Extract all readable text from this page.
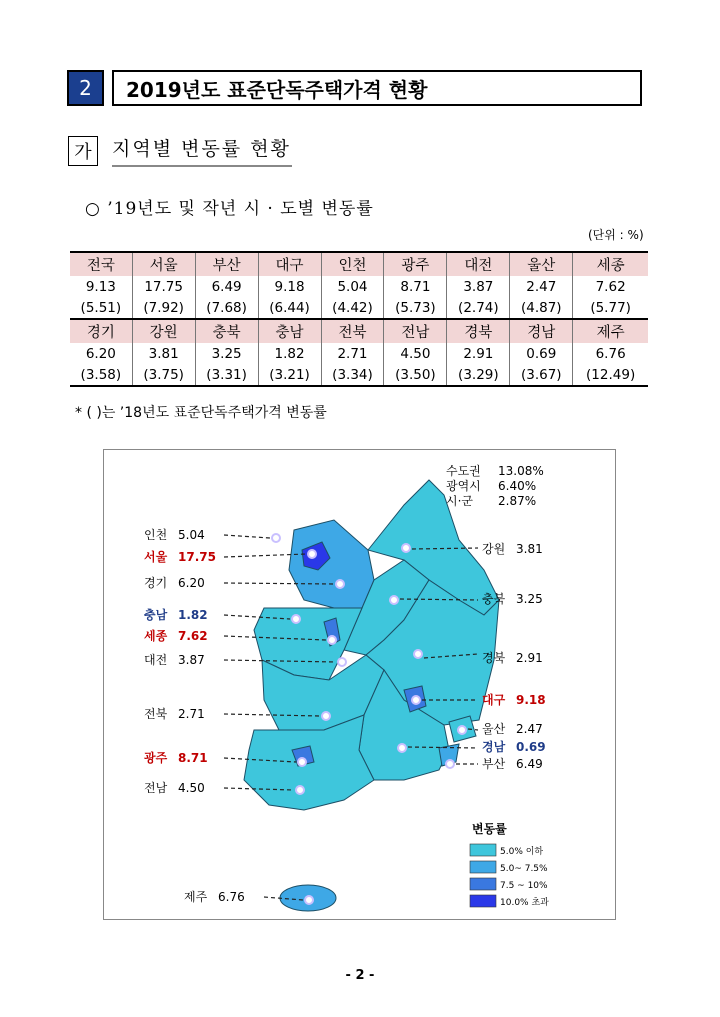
2	2019년도 표준단독주택가격 현황
가	지역별 변동률 현황
○ ’19년도 및 작년 시 · 도별 변동률
(단위 : %)
전국	서울	부산	대구	인천	광주	대전	울산	세종
9.13	17.75	6.49	9.18	5.04	8.71	3.87	2.47	7.62
(5.51)	(7.92)	(7.68)	(6.44)	(4.42)	(5.73)	(2.74)	(4.87)	(5.77)
경기	강원	충북	충남	전북	전남	경북	경남	제주
6.20	3.81	3.25	1.82	2.71	4.50	2.91	0.69	6.76
(3.58)	(3.75)	(3.31)	(3.21)	(3.34)	(3.50)	(3.29)	(3.67)	(12.49)
* ( )는 ’18년도 표준단독주택가격 변동률
수도권 13.08%
광역시 6.40%
시·군 2.87%
인천 5.04
서울 17.75
경기 6.20
충남 1.82
세종 7.62
대전 3.87
전북 2.71
광주 8.71
전남 4.50
제주 6.76
강원 3.81
충북 3.25
경북 2.91
대구 9.18
울산 2.47
경남 0.69
부산 6.49
변동률
5.0% 이하
5.0~ 7.5%
7.5 ~ 10%
10.0% 초과
- 2 -
